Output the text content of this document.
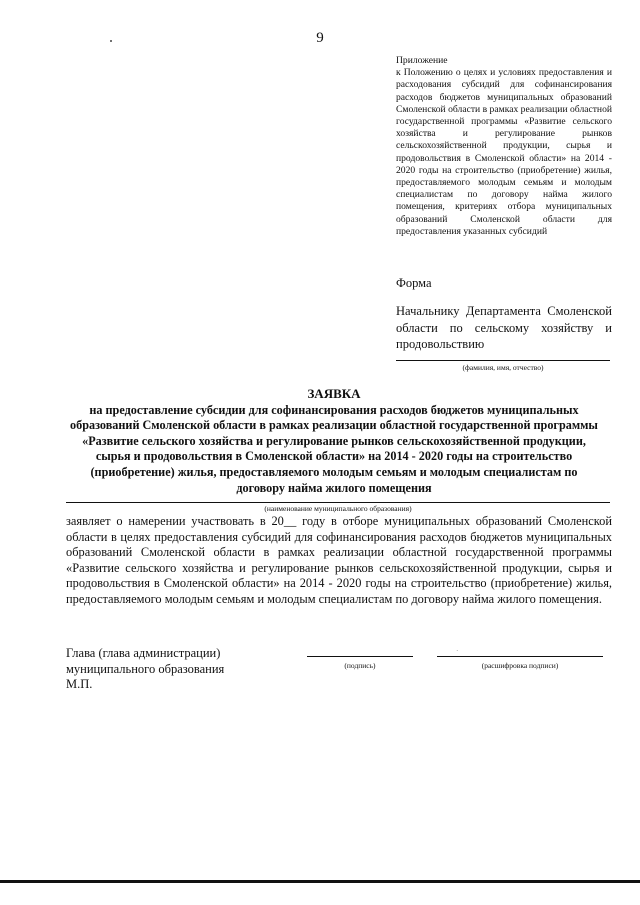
9
Приложение
к Положению о целях и условиях предоставления и расходования субсидий для софинансирования расходов бюджетов муниципальных образований Смоленской области в рамках реализации областной государственной программы «Развитие сельского хозяйства и регулирование рынков сельскохозяйственной продукции, сырья и продовольствия в Смоленской области» на 2014 - 2020 годы на строительство (приобретение) жилья, предоставляемого молодым семьям и молодым специалистам по договору найма жилого помещения, критериях отбора муниципальных образований Смоленской области для предоставления указанных субсидий
Форма
Начальнику Департамента Смоленской области по сельскому хозяйству и продовольствию
(фамилия, имя, отчество)
ЗАЯВКА
на предоставление субсидии для софинансирования расходов бюджетов муниципальных образований Смоленской области в рамках реализации областной государственной программы «Развитие сельского хозяйства и регулирование рынков сельскохозяйственной продукции, сырья и продовольствия в Смоленской области» на 2014 - 2020 годы на строительство (приобретение) жилья, предоставляемого молодым семьям и молодым специалистам по договору найма жилого помещения
(наименование муниципального образования)
заявляет о намерении участвовать в 20__ году в отборе муниципальных образований Смоленской области в целях предоставления субсидий для софинансирования расходов бюджетов муниципальных образований Смоленской области в рамках реализации областной государственной программы «Развитие сельского хозяйства и регулирование рынков сельскохозяйственной продукции, сырья и продовольствия в Смоленской области» на 2014 - 2020 годы на строительство (приобретение) жилья, предоставляемого молодым семьям и молодым специалистам по договору найма жилого помещения.
Глава (глава администрации)
муниципального образования
М.П.
(подпись)
˙
(расшифровка подписи)
